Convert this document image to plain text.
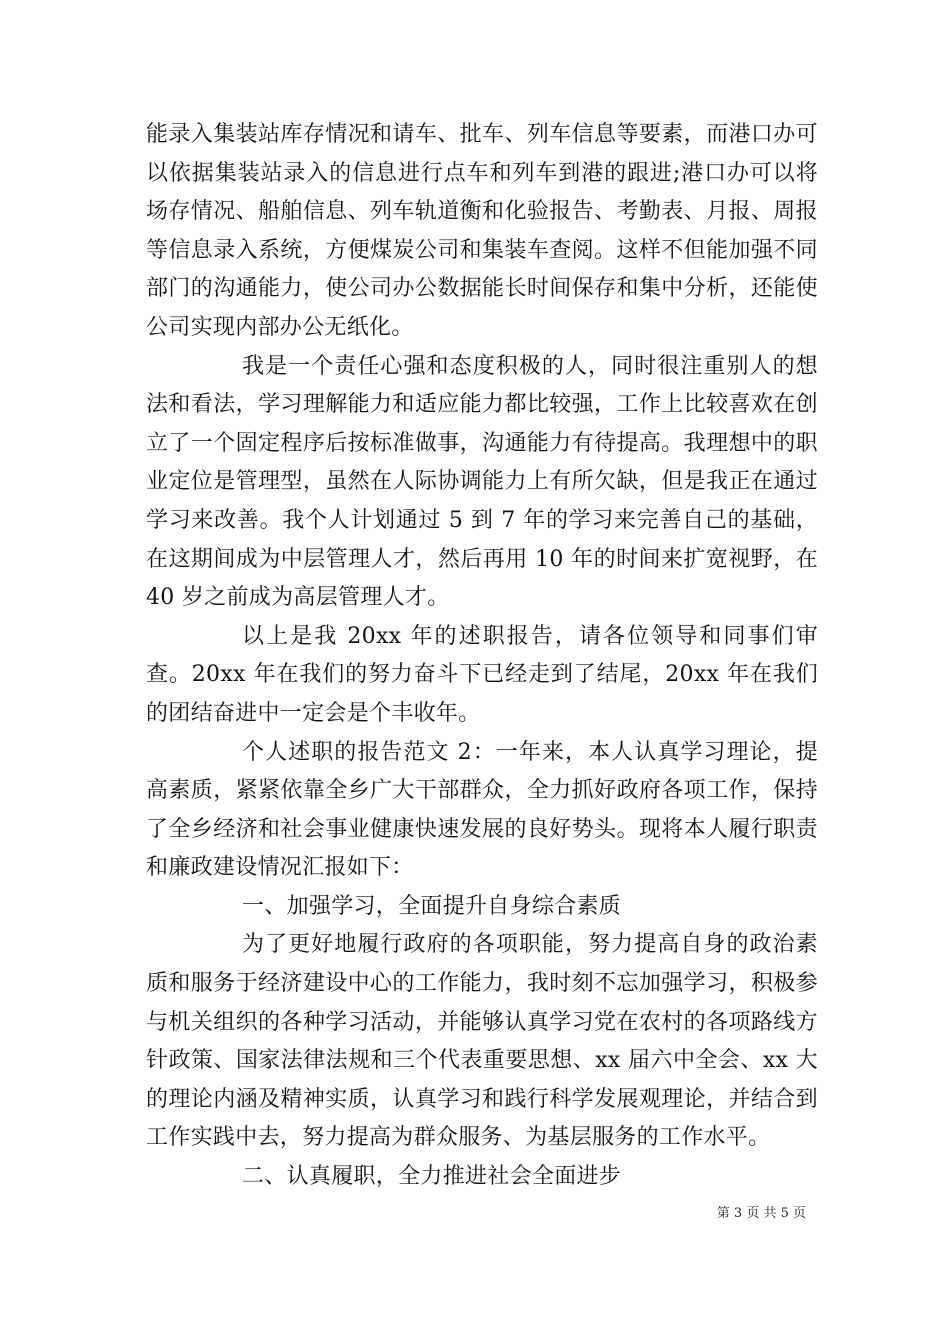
能录入集装站库存情况和请车、批车、列车信息等要素，而港口办可以依据集装站录入的信息进行点车和列车到港的跟进;港口办可以将场存情况、船舶信息、列车轨道衡和化验报告、考勤表、月报、周报等信息录入系统，方便煤炭公司和集装车查阅。这样不但能加强不同部门的沟通能力，使公司办公数据能长时间保存和集中分析，还能使公司实现内部办公无纸化。

我是一个责任心强和态度积极的人，同时很注重别人的想法和看法，学习理解能力和适应能力都比较强，工作上比较喜欢在创立了一个固定程序后按标准做事，沟通能力有待提高。我理想中的职业定位是管理型，虽然在人际协调能力上有所欠缺，但是我正在通过学习来改善。我个人计划通过 5 到 7 年的学习来完善自己的基础，在这期间成为中层管理人才，然后再用 10 年的时间来扩宽视野，在 40 岁之前成为高层管理人才。

以上是我 20xx 年的述职报告，请各位领导和同事们审查。20xx 年在我们的努力奋斗下已经走到了结尾，20xx 年在我们的团结奋进中一定会是个丰收年。

个人述职的报告范文 2：一年来，本人认真学习理论，提高素质，紧紧依靠全乡广大干部群众，全力抓好政府各项工作，保持了全乡经济和社会事业健康快速发展的良好势头。现将本人履行职责和廉政建设情况汇报如下：

一、加强学习，全面提升自身综合素质

为了更好地履行政府的各项职能，努力提高自身的政治素质和服务于经济建设中心的工作能力，我时刻不忘加强学习，积极参与机关组织的各种学习活动，并能够认真学习党在农村的各项路线方针政策、国家法律法规和三个代表重要思想、xx 届六中全会、xx 大的理论内涵及精神实质，认真学习和践行科学发展观理论，并结合到工作实践中去，努力提高为群众服务、为基层服务的工作水平。

二、认真履职，全力推进社会全面进步

第 3 页 共 5 页
